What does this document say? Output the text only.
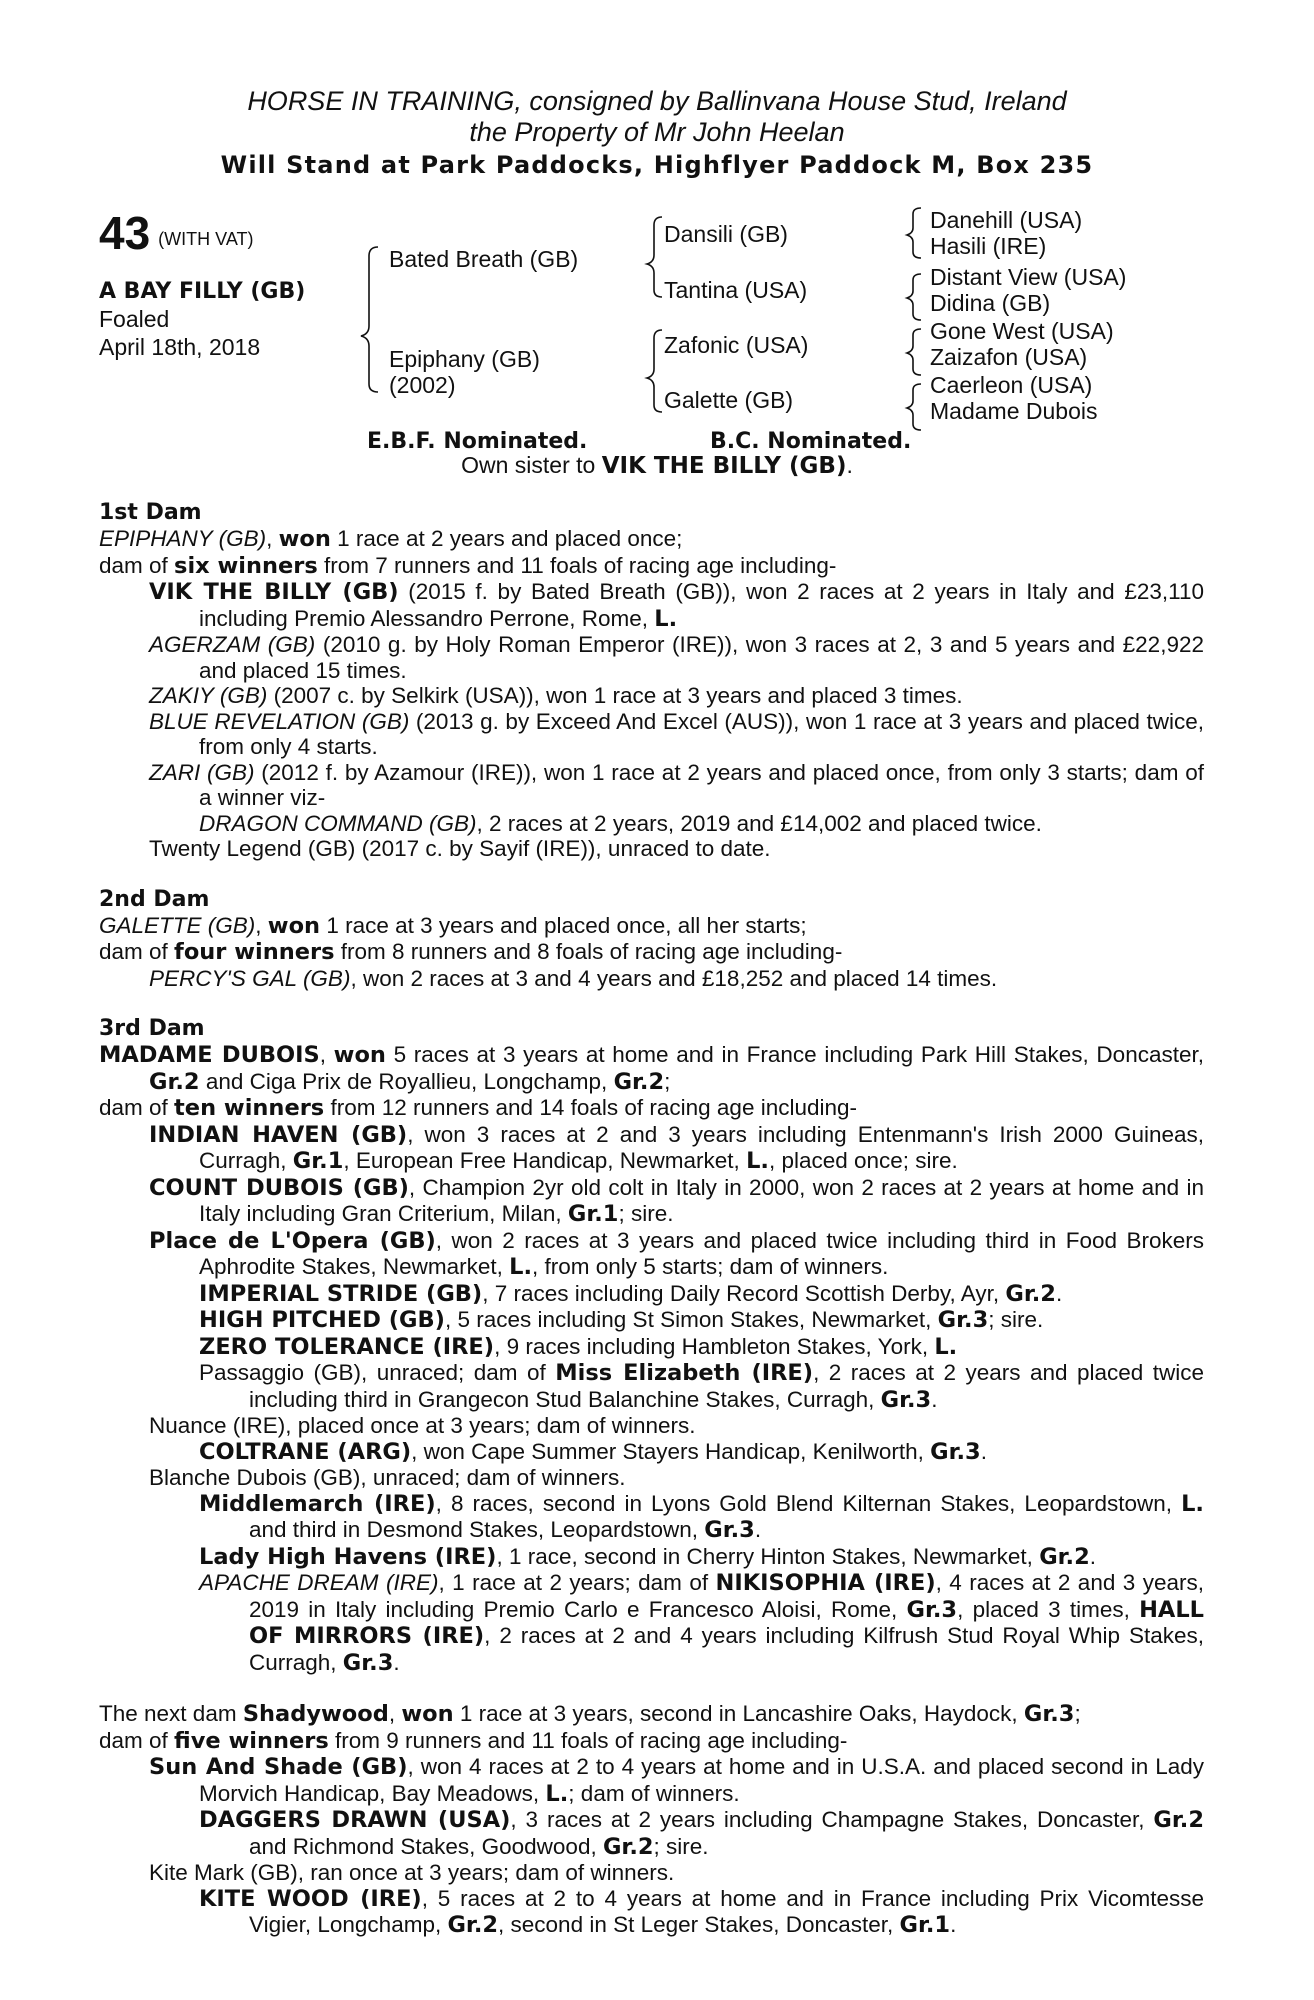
HORSE IN TRAINING, consigned by Ballinvana House Stud, Ireland

the Property of Mr John Heelan

Will Stand at Park Paddocks, Highflyer Paddock M, Box 235

43 (WITH VAT)
A BAY FILLY (GB)
Foaled
April 18th, 2018
Bated Breath (GB)
Epiphany (GB)
(2002)
Dansili (GB)
Tantina (USA)
Zafonic (USA)
Galette (GB)
Danehill (USA)
Hasili (IRE)
Distant View (USA)
Didina (GB)
Gone West (USA)
Zaizafon (USA)
Caerleon (USA)
Madame Dubois
E.B.F. Nominated.	B.C. Nominated.
Own sister to VIK THE BILLY (GB).

1st Dam

EPIPHANY (GB), won 1 race at 2 years and placed once;

dam of six winners from 7 runners and 11 foals of racing age including-

VIK THE BILLY (GB) (2015 f. by Bated Breath (GB)), won 2 races at 2 years in Italy and £23,110 including Premio Alessandro Perrone, Rome, L.

AGERZAM (GB) (2010 g. by Holy Roman Emperor (IRE)), won 3 races at 2, 3 and 5 years and £22,922 and placed 15 times.

ZAKIY (GB) (2007 c. by Selkirk (USA)), won 1 race at 3 years and placed 3 times.

BLUE REVELATION (GB) (2013 g. by Exceed And Excel (AUS)), won 1 race at 3 years and placed twice, from only 4 starts.

ZARI (GB) (2012 f. by Azamour (IRE)), won 1 race at 2 years and placed once, from only 3 starts; dam of a winner viz-

DRAGON COMMAND (GB), 2 races at 2 years, 2019 and £14,002 and placed twice.

Twenty Legend (GB) (2017 c. by Sayif (IRE)), unraced to date.

2nd Dam

GALETTE (GB), won 1 race at 3 years and placed once, all her starts;

dam of four winners from 8 runners and 8 foals of racing age including-

PERCY'S GAL (GB), won 2 races at 3 and 4 years and £18,252 and placed 14 times.

3rd Dam

MADAME DUBOIS, won 5 races at 3 years at home and in France including Park Hill Stakes, Doncaster, Gr.2 and Ciga Prix de Royallieu, Longchamp, Gr.2;

dam of ten winners from 12 runners and 14 foals of racing age including-

INDIAN HAVEN (GB), won 3 races at 2 and 3 years including Entenmann's Irish 2000 Guineas, Curragh, Gr.1, European Free Handicap, Newmarket, L., placed once; sire.

COUNT DUBOIS (GB), Champion 2yr old colt in Italy in 2000, won 2 races at 2 years at home and in Italy including Gran Criterium, Milan, Gr.1; sire.

Place de L'Opera (GB), won 2 races at 3 years and placed twice including third in Food Brokers Aphrodite Stakes, Newmarket, L., from only 5 starts; dam of winners.

IMPERIAL STRIDE (GB), 7 races including Daily Record Scottish Derby, Ayr, Gr.2.

HIGH PITCHED (GB), 5 races including St Simon Stakes, Newmarket, Gr.3; sire.

ZERO TOLERANCE (IRE), 9 races including Hambleton Stakes, York, L.

Passaggio (GB), unraced; dam of Miss Elizabeth (IRE), 2 races at 2 years and placed twice including third in Grangecon Stud Balanchine Stakes, Curragh, Gr.3.

Nuance (IRE), placed once at 3 years; dam of winners.

COLTRANE (ARG), won Cape Summer Stayers Handicap, Kenilworth, Gr.3.

Blanche Dubois (GB), unraced; dam of winners.

Middlemarch (IRE), 8 races, second in Lyons Gold Blend Kilternan Stakes, Leopardstown, L. and third in Desmond Stakes, Leopardstown, Gr.3.

Lady High Havens (IRE), 1 race, second in Cherry Hinton Stakes, Newmarket, Gr.2.

APACHE DREAM (IRE), 1 race at 2 years; dam of NIKISOPHIA (IRE), 4 races at 2 and 3 years, 2019 in Italy including Premio Carlo e Francesco Aloisi, Rome, Gr.3, placed 3 times, HALL OF MIRRORS (IRE), 2 races at 2 and 4 years including Kilfrush Stud Royal Whip Stakes, Curragh, Gr.3.

The next dam Shadywood, won 1 race at 3 years, second in Lancashire Oaks, Haydock, Gr.3;

dam of five winners from 9 runners and 11 foals of racing age including-

Sun And Shade (GB), won 4 races at 2 to 4 years at home and in U.S.A. and placed second in Lady Morvich Handicap, Bay Meadows, L.; dam of winners.

DAGGERS DRAWN (USA), 3 races at 2 years including Champagne Stakes, Doncaster, Gr.2 and Richmond Stakes, Goodwood, Gr.2; sire.

Kite Mark (GB), ran once at 3 years; dam of winners.

KITE WOOD (IRE), 5 races at 2 to 4 years at home and in France including Prix Vicomtesse Vigier, Longchamp, Gr.2, second in St Leger Stakes, Doncaster, Gr.1.
